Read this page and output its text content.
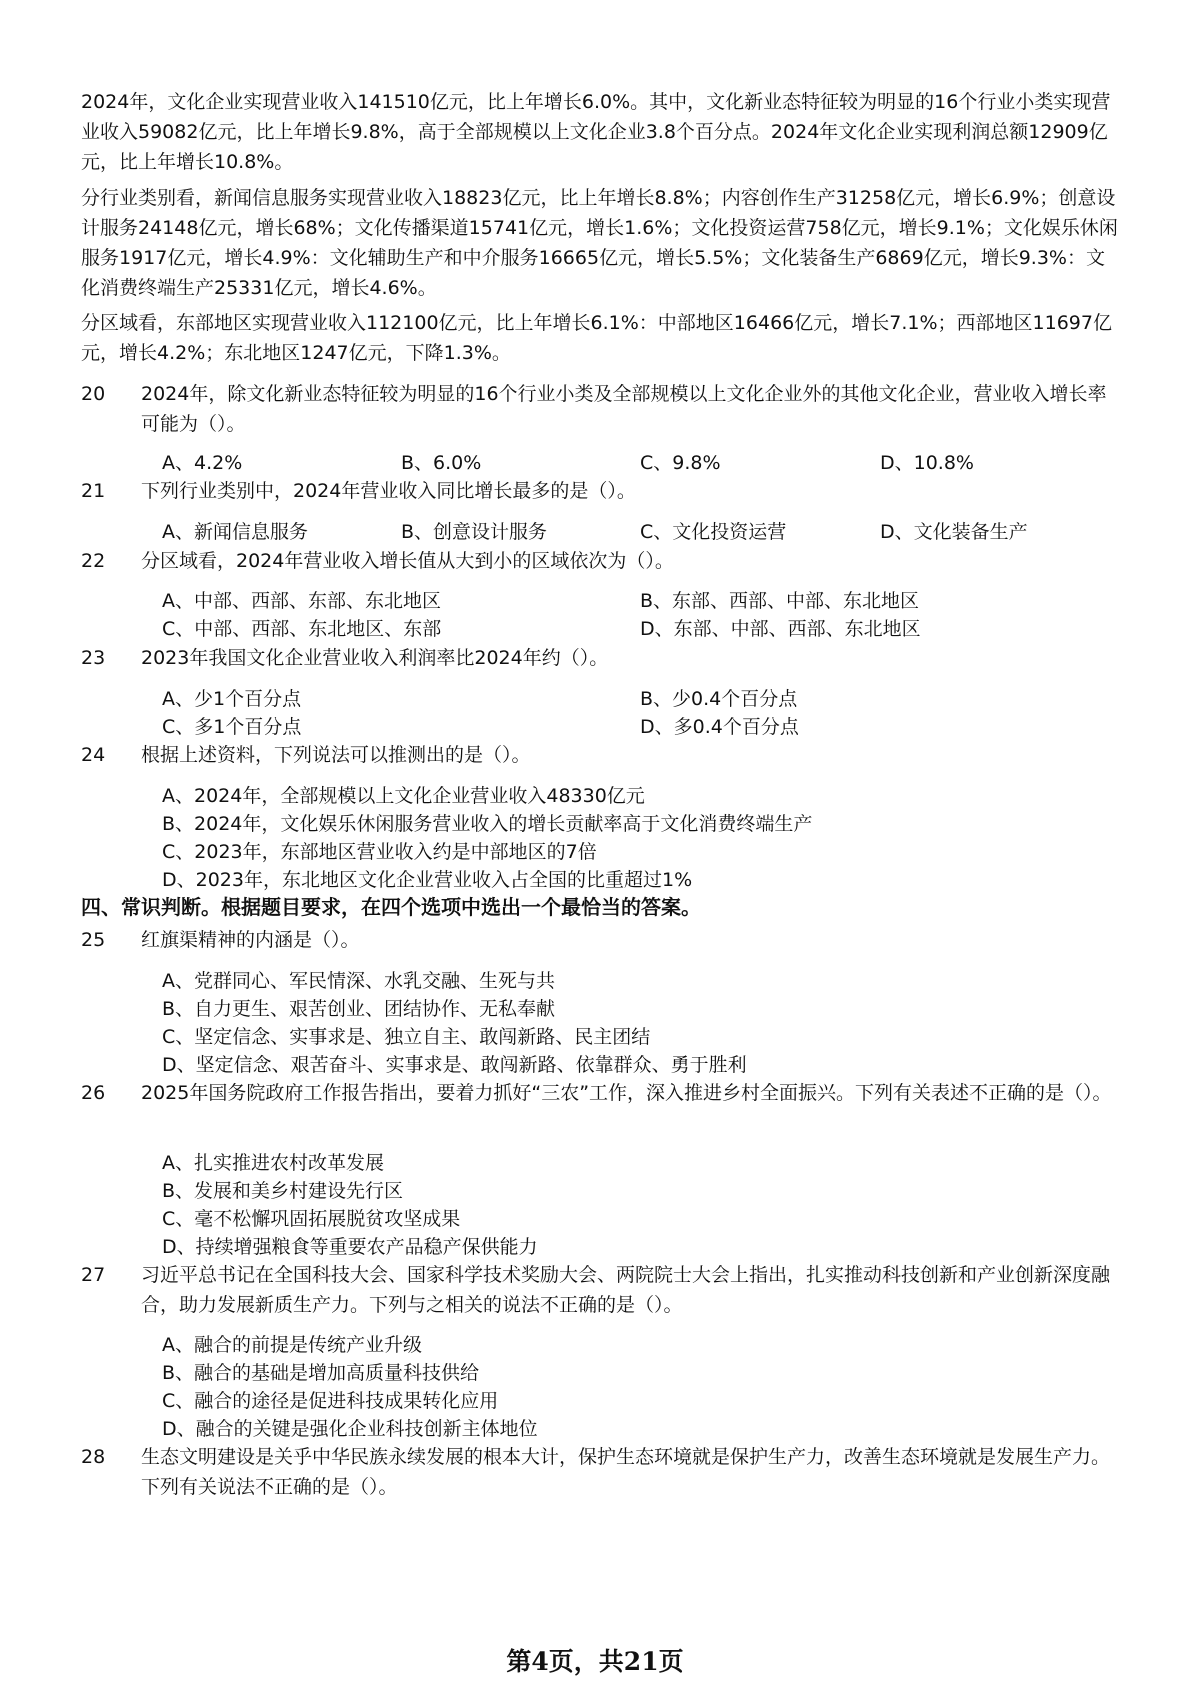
2024年，文化企业实现营业收入141510亿元，比上年增长6.0%。其中，文化新业态特征较为明显的16个行业小类实现营业收入59082亿元，比上年增长9.8%，高于全部规模以上文化企业3.8个百分点。2024年文化企业实现利润总额12909亿元，比上年增长10.8%。

分行业类别看，新闻信息服务实现营业收入18823亿元，比上年增长8.8%；内容创作生产31258亿元，增长6.9%；创意设计服务24148亿元，增长68%；文化传播渠道15741亿元，增长1.6%；文化投资运营758亿元，增长9.1%；文化娱乐休闲服务1917亿元，增长4.9%：文化辅助生产和中介服务16665亿元，增长5.5%；文化装备生产6869亿元，增长9.3%：文化消费终端生产25331亿元，增长4.6%。

分区域看，东部地区实现营业收入112100亿元，比上年增长6.1%：中部地区16466亿元，增长7.1%；西部地区11697亿元，增长4.2%；东北地区1247亿元，下降1.3%。

20 2024年，除文化新业态特征较为明显的16个行业小类及全部规模以上文化企业外的其他文化企业，营业收入增长率可能为（）。

A、4.2%	B、6.0%	C、9.8%	D、10.8%
21 下列行业类别中，2024年营业收入同比增长最多的是（）。

A、新闻信息服务	B、创意设计服务	C、文化投资运营	D、文化装备生产
22 分区域看，2024年营业收入增长值从大到小的区域依次为（）。

A、中部、西部、东部、东北地区	B、东部、西部、中部、东北地区
C、中部、西部、东北地区、东部	D、东部、中部、西部、东北地区
23 2023年我国文化企业营业收入利润率比2024年约（）。

A、少1个百分点	B、少0.4个百分点
C、多1个百分点	D、多0.4个百分点
24 根据上述资料，下列说法可以推测出的是（）。

A、2024年，全部规模以上文化企业营业收入48330亿元
B、2024年，文化娱乐休闲服务营业收入的增长贡献率高于文化消费终端生产
C、2023年，东部地区营业收入约是中部地区的7倍
D、2023年，东北地区文化企业营业收入占全国的比重超过1%
四、常识判断。根据题目要求，在四个选项中选出一个最恰当的答案。
25 红旗渠精神的内涵是（）。

A、党群同心、军民情深、水乳交融、生死与共
B、自力更生、艰苦创业、团结协作、无私奉献
C、坚定信念、实事求是、独立自主、敢闯新路、民主团结
D、坚定信念、艰苦奋斗、实事求是、敢闯新路、依靠群众、勇于胜利
26 2025年国务院政府工作报告指出，要着力抓好“三农”工作，深入推进乡村全面振兴。下列有关表述不正确的是（）。

A、扎实推进农村改革发展
B、发展和美乡村建设先行区
C、毫不松懈巩固拓展脱贫攻坚成果
D、持续增强粮食等重要农产品稳产保供能力
27 习近平总书记在全国科技大会、国家科学技术奖励大会、两院院士大会上指出，扎实推动科技创新和产业创新深度融合，助力发展新质生产力。下列与之相关的说法不正确的是（）。

A、融合的前提是传统产业升级
B、融合的基础是增加高质量科技供给
C、融合的途径是促进科技成果转化应用
D、融合的关键是强化企业科技创新主体地位
28 生态文明建设是关乎中华民族永续发展的根本大计，保护生态环境就是保护生产力，改善生态环境就是发展生产力。下列有关说法不正确的是（）。

第4页，共21页
